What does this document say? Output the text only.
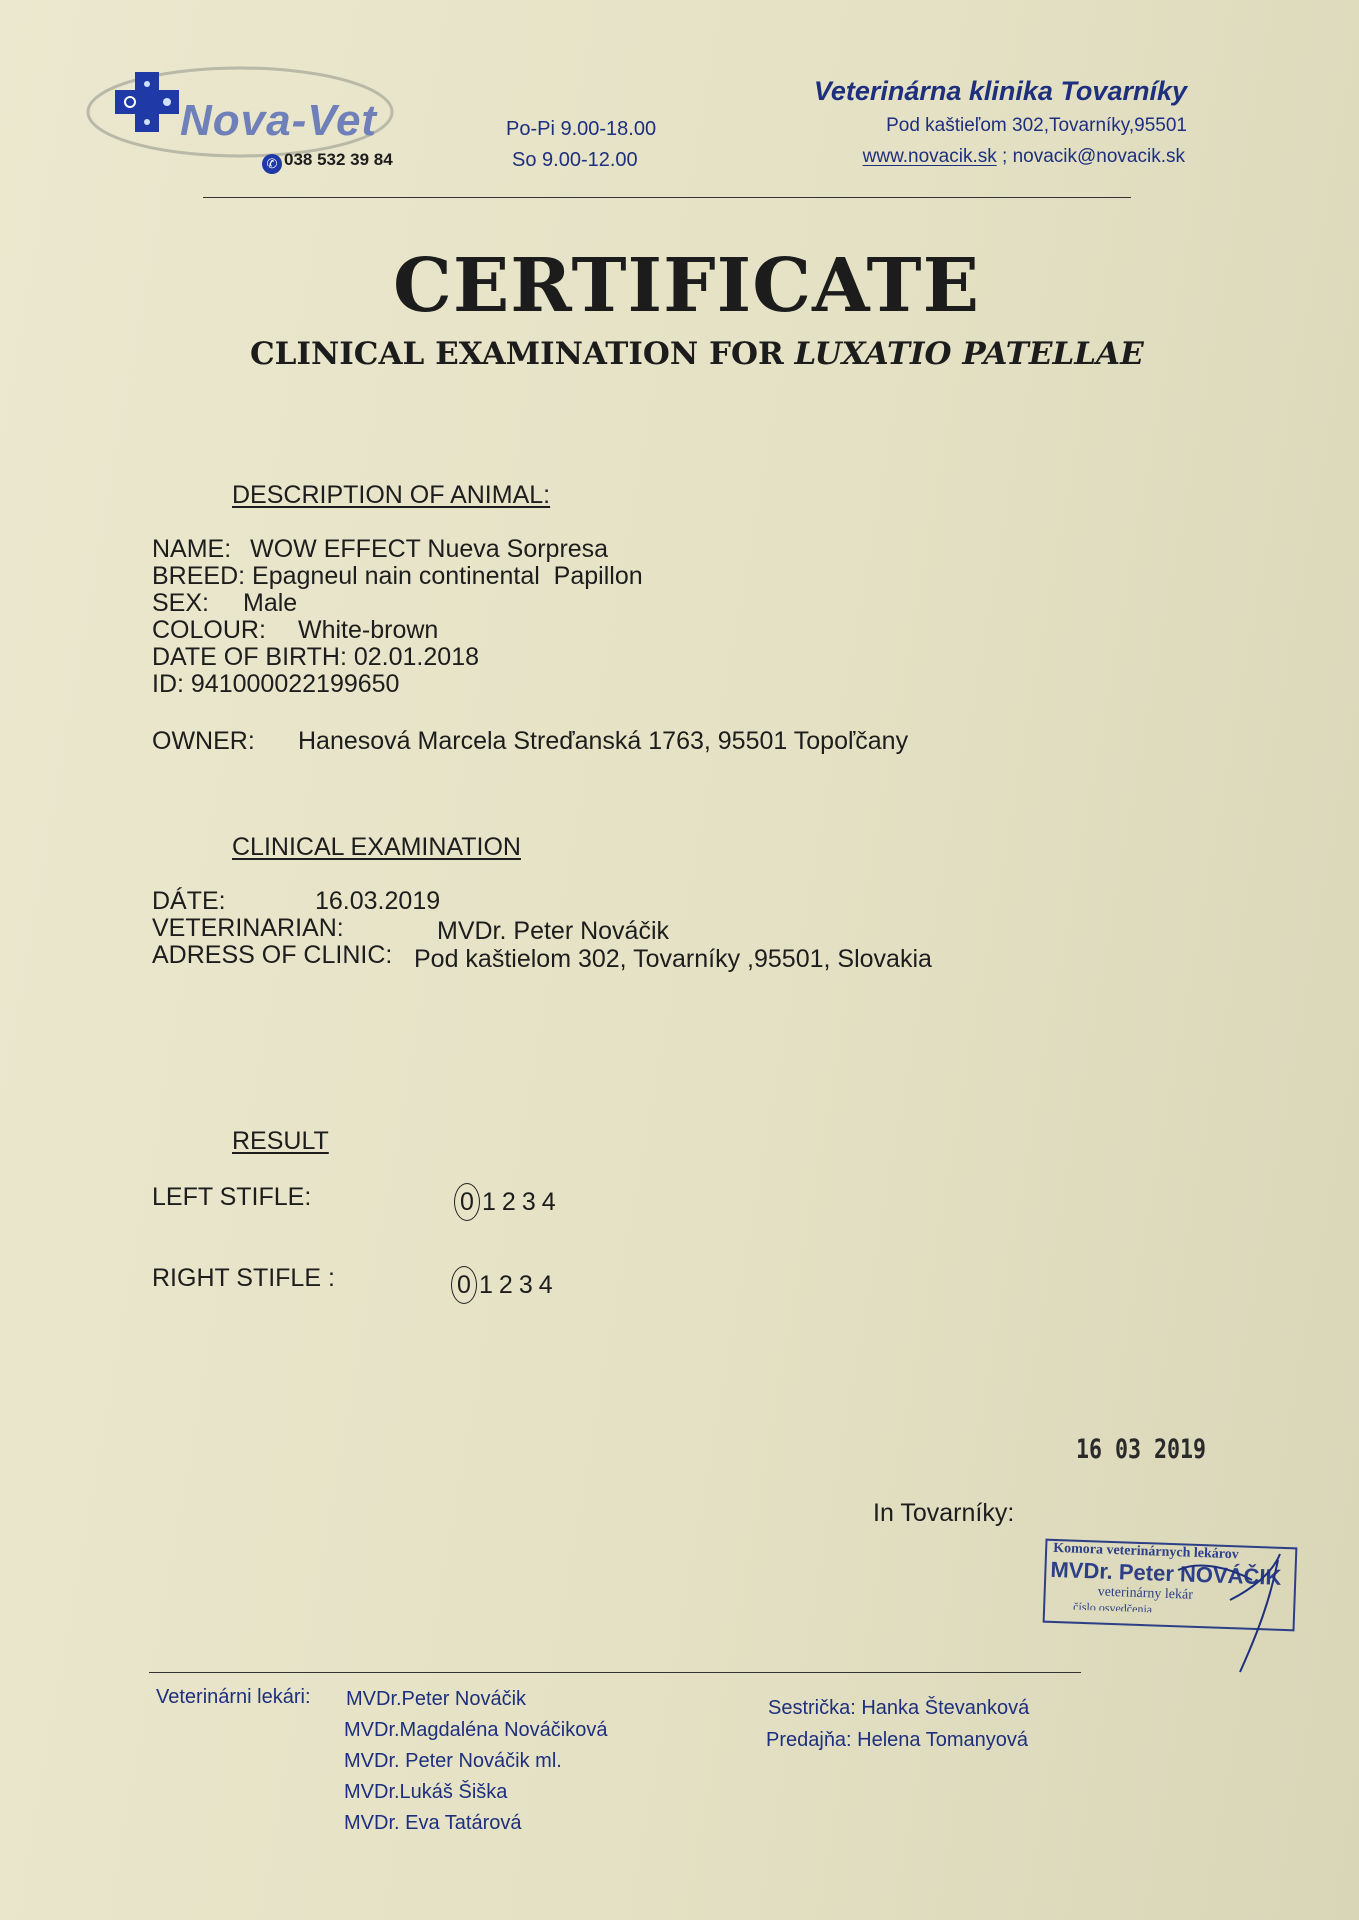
Nova-Vet
✆ 038 532 39 84
Po-Pi 9.00-18.00
So 9.00-12.00
Veterinárna klinika Tovarníky
Pod kaštieľom 302,Tovarníky,95501
www.novacik.sk ; novacik@novacik.sk
CERTIFICATE
CLINICAL EXAMINATION FOR LUXATIO PATELLAE
DESCRIPTION OF ANIMAL:
NAME: WOW EFFECT Nueva Sorpresa
BREED: Epagneul nain continental  Papillon
SEX: Male
COLOUR: White-brown
DATE OF BIRTH: 02.01.2018
ID: 941000022199650
OWNER: Hanesová Marcela Streďanská 1763, 95501 Topoľčany
CLINICAL EXAMINATION
DÁTE:	16.03.2019
VETERINARIAN:	MVDr. Peter Nováčik
ADRESS OF CLINIC: Pod kaštielom 302, Tovarníky ,95501, Slovakia
RESULT
LEFT STIFLE:	0 1 2 3 4
RIGHT STIFLE :	0 1 2 3 4
16 03 2019
In Tovarníky:
Komora veterinárnych lekárov
MVDr. Peter NOVÁČIK
veterinárny lekár
číslo osvedčenia
Veterinárni lekári: MVDr.Peter Nováčik
MVDr.Magdaléna Nováčiková
MVDr. Peter Nováčik ml.
MVDr.Lukáš Šiška
MVDr. Eva Tatárová
Sestrička: Hanka Števanková
Predajňa: Helena Tomanyová
